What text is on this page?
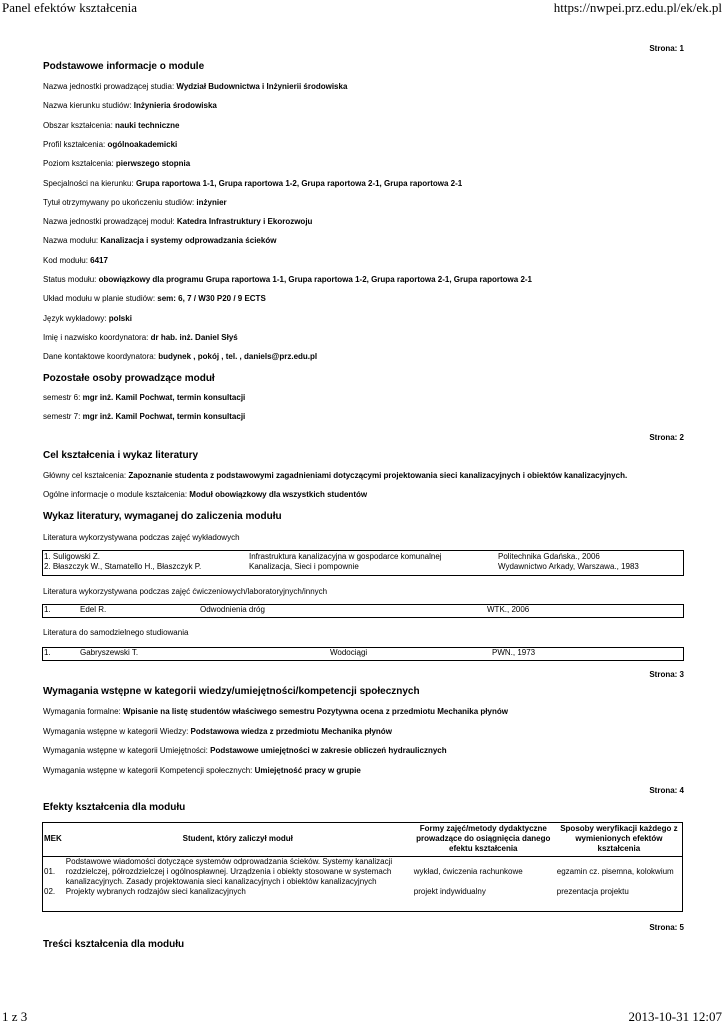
Panel efektów kształcenia	https://nwpei.prz.edu.pl/ek/ek.pl
1 z 3	2013-10-31 12:07
Strona: 1
Podstawowe informacje o module
Nazwa jednostki prowadzącej studia: Wydział Budownictwa i Inżynierii środowiska
Nazwa kierunku studiów: Inżynieria środowiska
Obszar kształcenia: nauki techniczne
Profil kształcenia: ogólnoakademicki
Poziom kształcenia: pierwszego stopnia
Specjalności na kierunku: Grupa raportowa 1-1, Grupa raportowa 1-2, Grupa raportowa 2-1, Grupa raportowa 2-1
Tytuł otrzymywany po ukończeniu studiów: inżynier
Nazwa jednostki prowadzącej moduł: Katedra Infrastruktury i Ekorozwoju
Nazwa modułu: Kanalizacja i systemy odprowadzania ścieków
Kod modułu: 6417
Status modułu: obowiązkowy dla programu Grupa raportowa 1-1, Grupa raportowa 1-2, Grupa raportowa 2-1, Grupa raportowa 2-1
Układ modułu w planie studiów: sem: 6, 7 / W30 P20 / 9 ECTS
Język wykładowy: polski
Imię i nazwisko koordynatora: dr hab. inż. Daniel Słyś
Dane kontaktowe koordynatora: budynek , pokój , tel. , daniels@prz.edu.pl
Pozostałe osoby prowadzące moduł
semestr 6: mgr inż. Kamil Pochwat, termin konsultacji
semestr 7: mgr inż. Kamil Pochwat, termin konsultacji
Strona: 2
Cel kształcenia i wykaz literatury
Główny cel kształcenia: Zapoznanie studenta z podstawowymi zagadnieniami dotyczącymi projektowania sieci kanalizacyjnych i obiektów kanalizacyjnych.
Ogólne informacje o module kształcenia: Moduł obowiązkowy dla wszystkich studentów
Wykaz literatury, wymaganej do zaliczenia modułu
Literatura wykorzystywana podczas zajęć wykładowych
1. Suligowski Z.	Infrastruktura kanalizacyjna w gospodarce komunalnej	Politechnika Gdańska., 2006
2. Błaszczyk W., Stamatello H., Błaszczyk P.	Kanalizacja, Sieci i pompownie	Wydawnictwo Arkady, Warszawa., 1983
Literatura wykorzystywana podczas zajęć ćwiczeniowych/laboratoryjnych/innych
1.	Edel R.	Odwodnienia dróg	WTK., 2006
Literatura do samodzielnego studiowania
1.	Gabryszewski T.	Wodociągi	PWN., 1973
Strona: 3
Wymagania wstępne w kategorii wiedzy/umiejętności/kompetencji społecznych
Wymagania formalne: Wpisanie na listę studentów właściwego semestru Pozytywna ocena z przedmiotu Mechanika płynów
Wymagania wstępne w kategorii Wiedzy: Podstawowa wiedza z przedmiotu Mechanika płynów
Wymagania wstępne w kategorii Umiejętności: Podstawowe umiejętności w zakresie obliczeń hydraulicznych
Wymagania wstępne w kategorii Kompetencji społecznych: Umiejętność pracy w grupie
Strona: 4
Efekty kształcenia dla modułu
MEK	Student, który zaliczył moduł	Formy zajęć/metody dydaktyczne prowadzące do osiągnięcia danego efektu kształcenia	Sposoby weryfikacji każdego z wymienionych efektów kształcenia
01.	Podstawowe wiadomości dotyczące systemów odprowadzania ścieków. Systemy kanalizacji rozdzielczej, półrozdzielczej i ogólnospławnej. Urządzenia i obiekty stosowane w systemach kanalizacyjnych. Zasady projektowania sieci kanalizacyjnych i obiektów kanalizacyjnych	wykład, ćwiczenia rachunkowe	egzamin cz. pisemna, kolokwium
02.	Projekty wybranych rodzajów sieci kanalizacyjnych	projekt indywidualny	prezentacja projektu
Strona: 5
Treści kształcenia dla modułu
